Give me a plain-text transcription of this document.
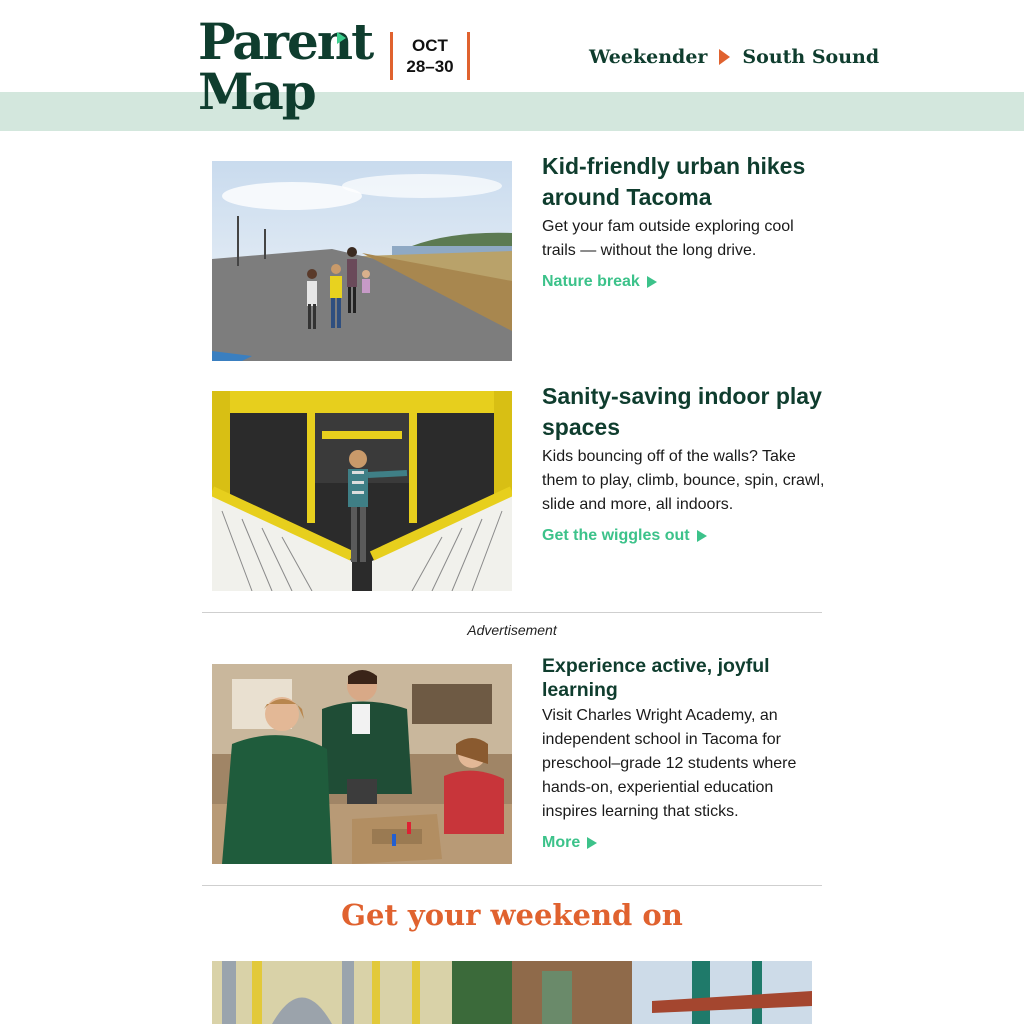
Parent
Map
OCT
28–30	Weekender South Sound
Kid-friendly urban hikes around Tacoma
Get your fam outside exploring cool trails — without the long drive.
Nature break
Sanity-saving indoor play spaces
Kids bouncing off of the walls? Take them to play, climb, bounce, spin, crawl, slide and more, all indoors.
Get the wiggles out
Advertisement
Experience active, joyful learning
Visit Charles Wright Academy, an independent school in Tacoma for preschool–grade 12 students where hands-on, experiential education inspires learning that sticks.
More
Get your weekend on
